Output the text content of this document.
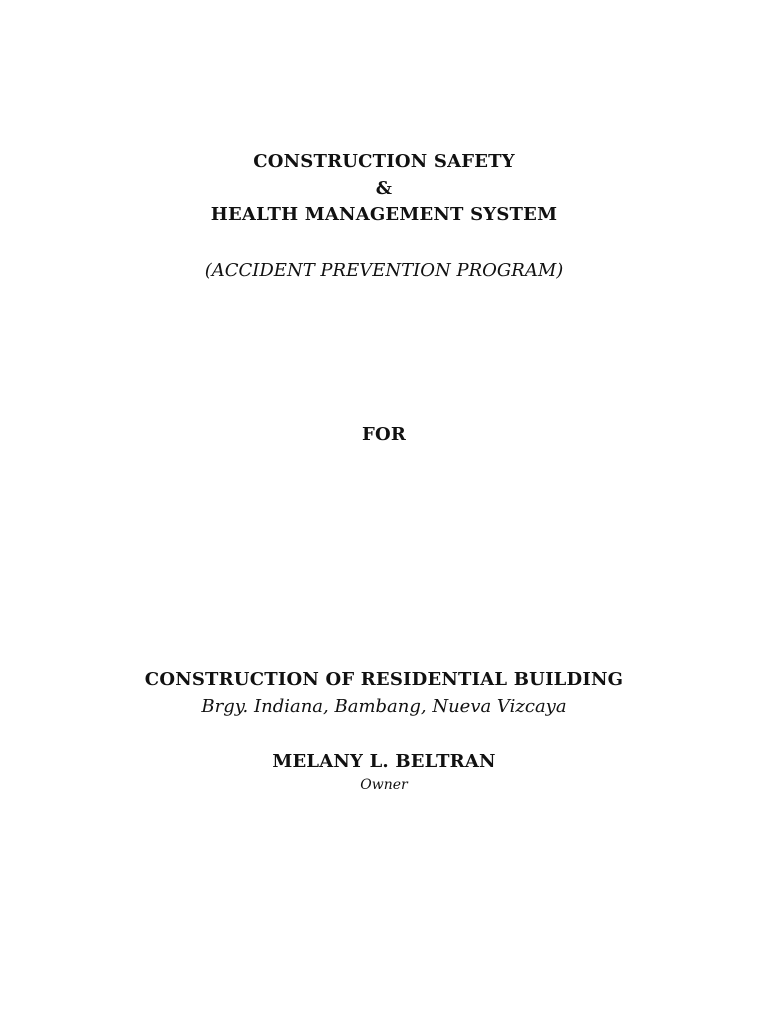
CONSTRUCTION SAFETY
&
HEALTH MANAGEMENT SYSTEM
(ACCIDENT PREVENTION PROGRAM)
FOR
CONSTRUCTION OF RESIDENTIAL BUILDING
Brgy. Indiana, Bambang, Nueva Vizcaya
MELANY L. BELTRAN
Owner
